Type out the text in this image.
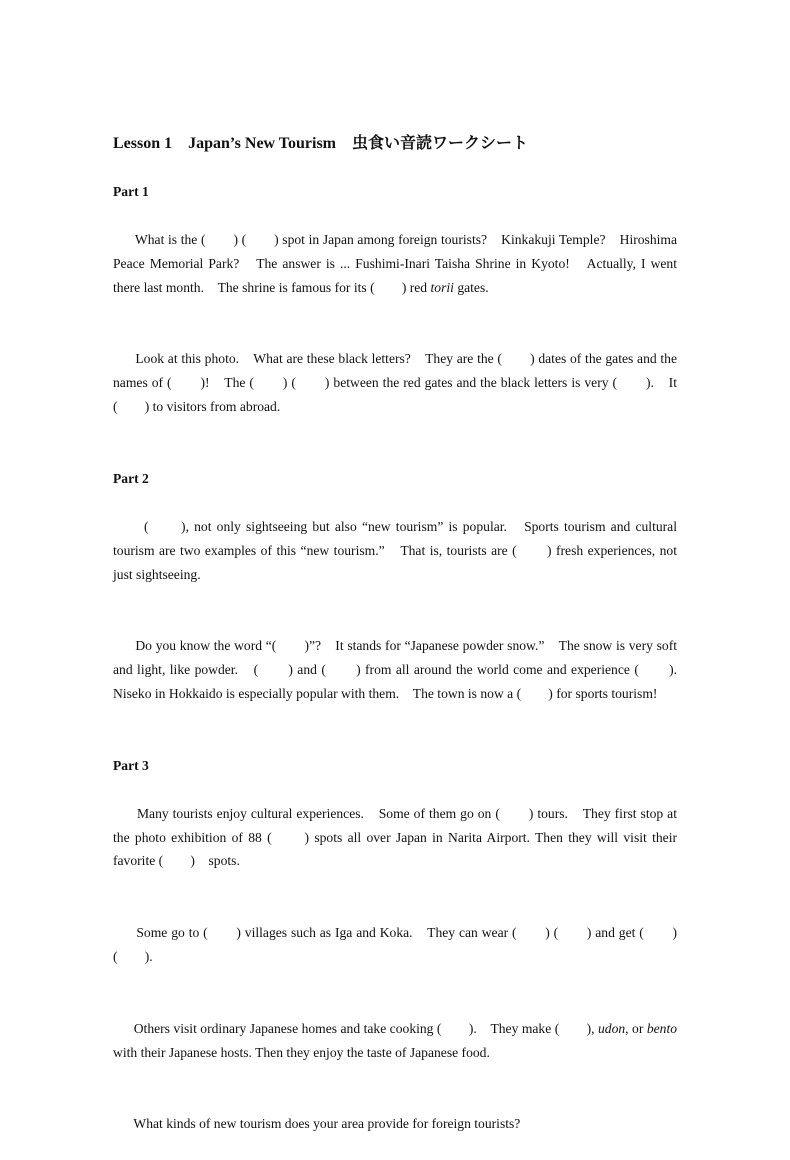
Lesson 1　Japan’s New Tourism　虫食い音読ワークシート
Part 1

What is the (　　) (　　) spot in Japan among foreign tourists?　Kinkakuji Temple?　Hiroshima Peace Memorial Park?　The answer is ... Fushimi-Inari Taisha Shrine in Kyoto!　Actually, I went there last month.　The shrine is famous for its (　　) red torii gates.

Look at this photo.　What are these black letters?　They are the (　　) dates of the gates and the names of (　　)!　The (　　) (　　) between the red gates and the black letters is very (　　).　It (　　) to visitors from abroad.

Part 2

(　　), not only sightseeing but also “new tourism” is popular.　Sports tourism and cultural tourism are two examples of this “new tourism.”　That is, tourists are (　　) fresh experiences, not just sightseeing.

Do you know the word “(　　)”?　It stands for “Japanese powder snow.”　The snow is very soft and light, like powder.　(　　) and (　　) from all around the world come and experience (　　).　Niseko in Hokkaido is especially popular with them.　The town is now a (　　) for sports tourism!

Part 3

Many tourists enjoy cultural experiences.　Some of them go on (　　) tours.　They first stop at the photo exhibition of 88 (　　) spots all over Japan in Narita Airport. Then they will visit their favorite (　　)　spots.

Some go to (　　) villages such as Iga and Koka.　They can wear (　　) (　　) and get (　　) (　　).

Others visit ordinary Japanese homes and take cooking (　　).　They make (　　), udon, or bento with their Japanese hosts. Then they enjoy the taste of Japanese food.

What kinds of new tourism does your area provide for foreign tourists?
